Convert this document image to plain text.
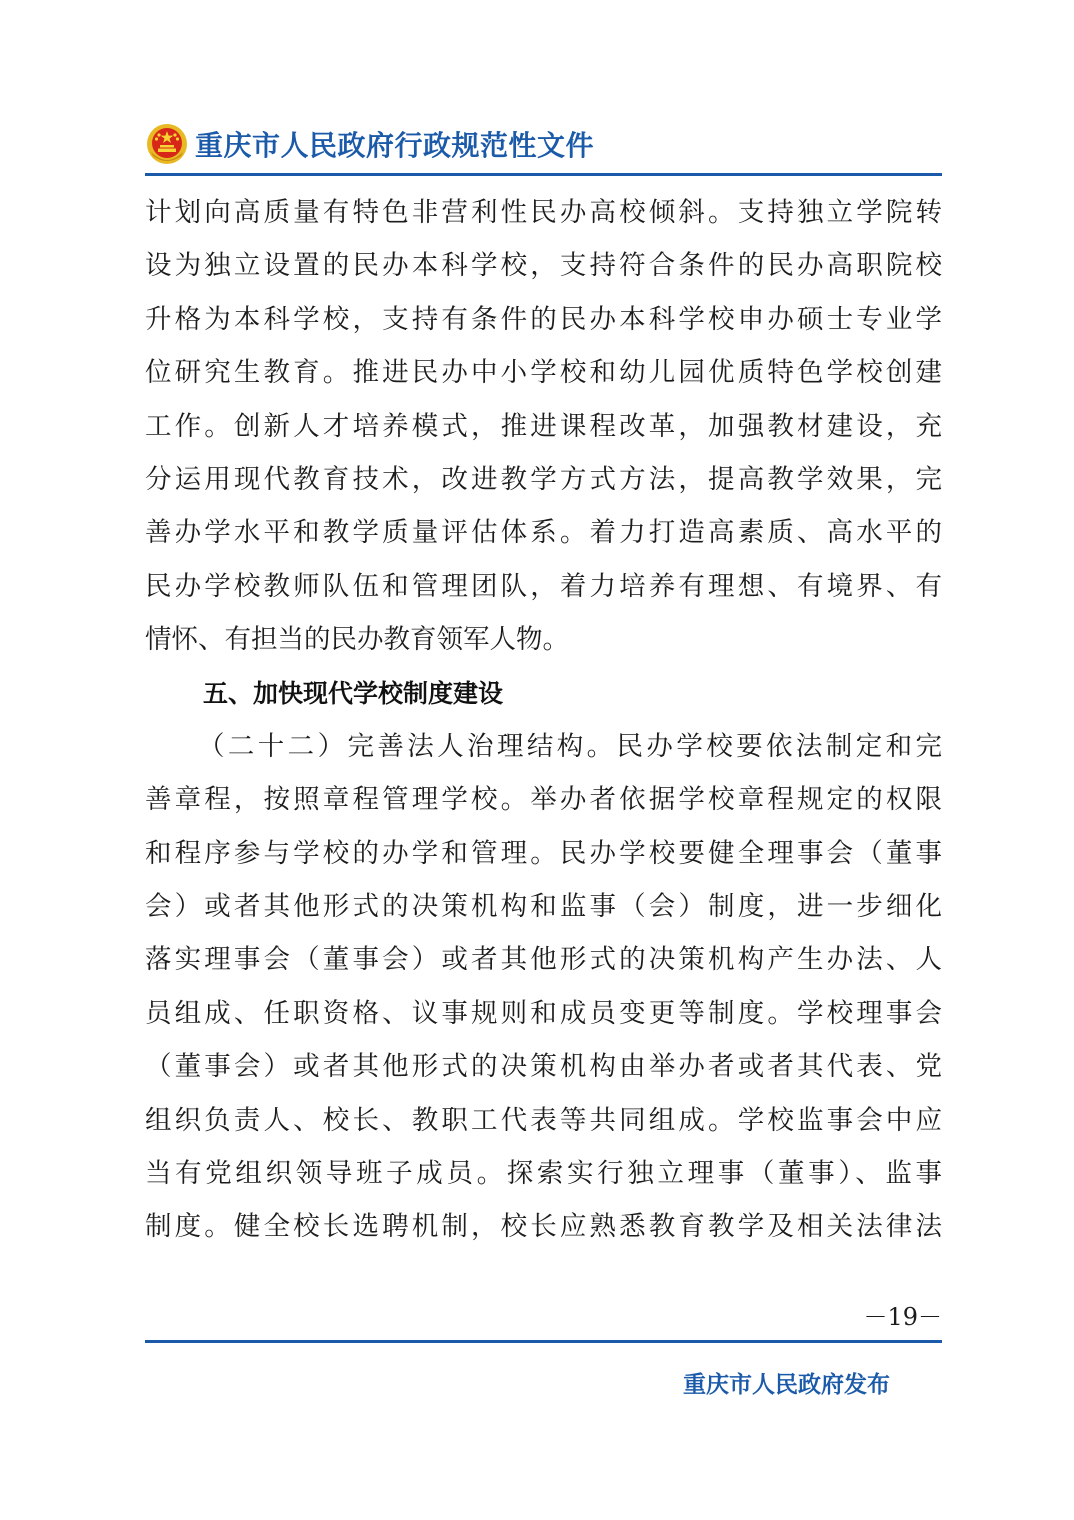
重庆市人民政府行政规范性文件
计划向高质量有特色非营利性民办高校倾斜。支持独立学院转
设为独立设置的民办本科学校，支持符合条件的民办高职院校
升格为本科学校，支持有条件的民办本科学校申办硕士专业学
位研究生教育。推进民办中小学校和幼儿园优质特色学校创建
工作。创新人才培养模式，推进课程改革，加强教材建设，充
分运用现代教育技术，改进教学方式方法，提高教学效果，完
善办学水平和教学质量评估体系。着力打造高素质、高水平的
民办学校教师队伍和管理团队，着力培养有理想、有境界、有
情怀、有担当的民办教育领军人物。
五、加快现代学校制度建设
（二十二）完善法人治理结构。民办学校要依法制定和完
善章程，按照章程管理学校。举办者依据学校章程规定的权限
和程序参与学校的办学和管理。民办学校要健全理事会（董事
会）或者其他形式的决策机构和监事（会）制度，进一步细化
落实理事会（董事会）或者其他形式的决策机构产生办法、人
员组成、任职资格、议事规则和成员变更等制度。学校理事会
（董事会）或者其他形式的决策机构由举办者或者其代表、党
组织负责人、校长、教职工代表等共同组成。学校监事会中应
当有党组织领导班子成员。探索实行独立理事（董事）、监事
制度。健全校长选聘机制，校长应熟悉教育教学及相关法律法
－19－
重庆市人民政府发布
